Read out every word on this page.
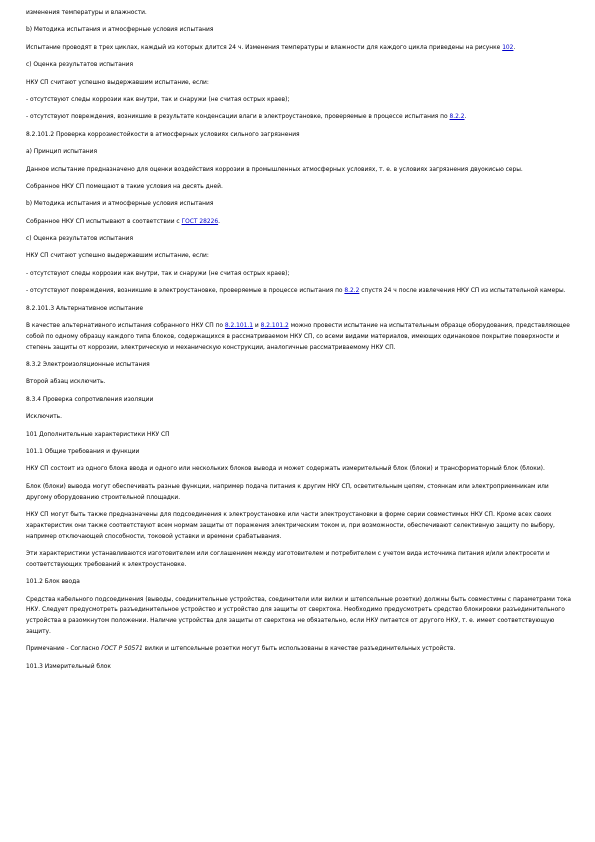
изменения температуры и влажности.

b) Методика испытания и атмосферные условия испытания

Испытание проводят в трех циклах, каждый из которых длится 24 ч. Изменения температуры и влажности для каждого цикла приведены на рисунке 102.

c) Оценка результатов испытания

НКУ СП считают успешно выдержавшим испытание, если:

- отсутствуют следы коррозии как внутри, так и снаружи (не считая острых краев);

- отсутствуют повреждения, возникшие в результате конденсации влаги в электроустановке, проверяемые в процессе испытания по 8.2.2.

8.2.101.2 Проверка коррозиестойкости в атмосферных условиях сильного загрязнения

a) Принцип испытания

Данное испытание предназначено для оценки воздействия коррозии в промышленных атмосферных условиях, т. е. в условиях загрязнения двуокисью серы.

Собранное НКУ СП помещают в такие условия на десять дней.

b) Методика испытания и атмосферные условия испытания

Собранное НКУ СП испытывают в соответствии с ГОСТ 28226.

c) Оценка результатов испытания

НКУ СП считают успешно выдержавшим испытание, если:

- отсутствуют следы коррозии как внутри, так и снаружи (не считая острых краев);

- отсутствуют повреждения, возникшие в электроустановке, проверяемые в процессе испытания по 8.2.2 спустя 24 ч после извлечения НКУ СП из испытательной камеры.

8.2.101.3 Альтернативное испытание

В качестве альтернативного испытания собранного НКУ СП по 8.2.101.1 и 8.2.101.2 можно провести испытание на испытательным образце оборудования, представляющее собой по одному образцу каждого типа блоков, содержащихся в рассматриваемом НКУ СП, со всеми видами материалов, имеющих одинаковое покрытие поверхности и степень защиты от коррозии, электрическую и механическую конструкции, аналогичные рассматриваемому НКУ СП.

8.3.2 Электроизоляционные испытания

Второй абзац исключить.

8.3.4 Проверка сопротивления изоляции

Исключить.

101 Дополнительные характеристики НКУ СП

101.1 Общие требования и функции

НКУ СП состоит из одного блока ввода и одного или нескольких блоков вывода и может содержать измерительный блок (блоки) и трансформаторный блок (блоки).

Блок (блоки) вывода могут обеспечивать разные функции, например подача питания к другим НКУ СП, осветительным цепям, стоянкам или электроприемникам или другому оборудованию строительной площадки.

НКУ СП могут быть также предназначены для подсоединения к электроустановке или части электроустановки в форме серии совместимых НКУ СП. Кроме всех своих характеристик они также соответствуют всем нормам защиты от поражения электрическим током и, при возможности, обеспечивают селективную защиту по выбору, например отключающей способности, токовой уставки и времени срабатывания.

Эти характеристики устанавливаются изготовителем или соглашением между изготовителем и потребителем с учетом вида источника питания и/или электросети и соответствующих требований к электроустановке.

101.2 Блок ввода

Средства кабельного подсоединения (выводы, соединительные устройства, соединители или вилки и штепсельные розетки) должны быть совместимы с параметрами тока НКУ. Следует предусмотреть разъединительное устройство и устройство для защиты от сверхтока. Необходимо предусмотреть средство блокировки разъединительного устройства в разомкнутом положении. Наличие устройства для защиты от сверхтока не обязательно, если НКУ питается от другого НКУ, т. е. имеет соответствующую защиту.

Примечание - Согласно ГОСТ Р 50571 вилки и штепсельные розетки могут быть использованы в качестве разъединительных устройств.

101.3 Измерительный блок
